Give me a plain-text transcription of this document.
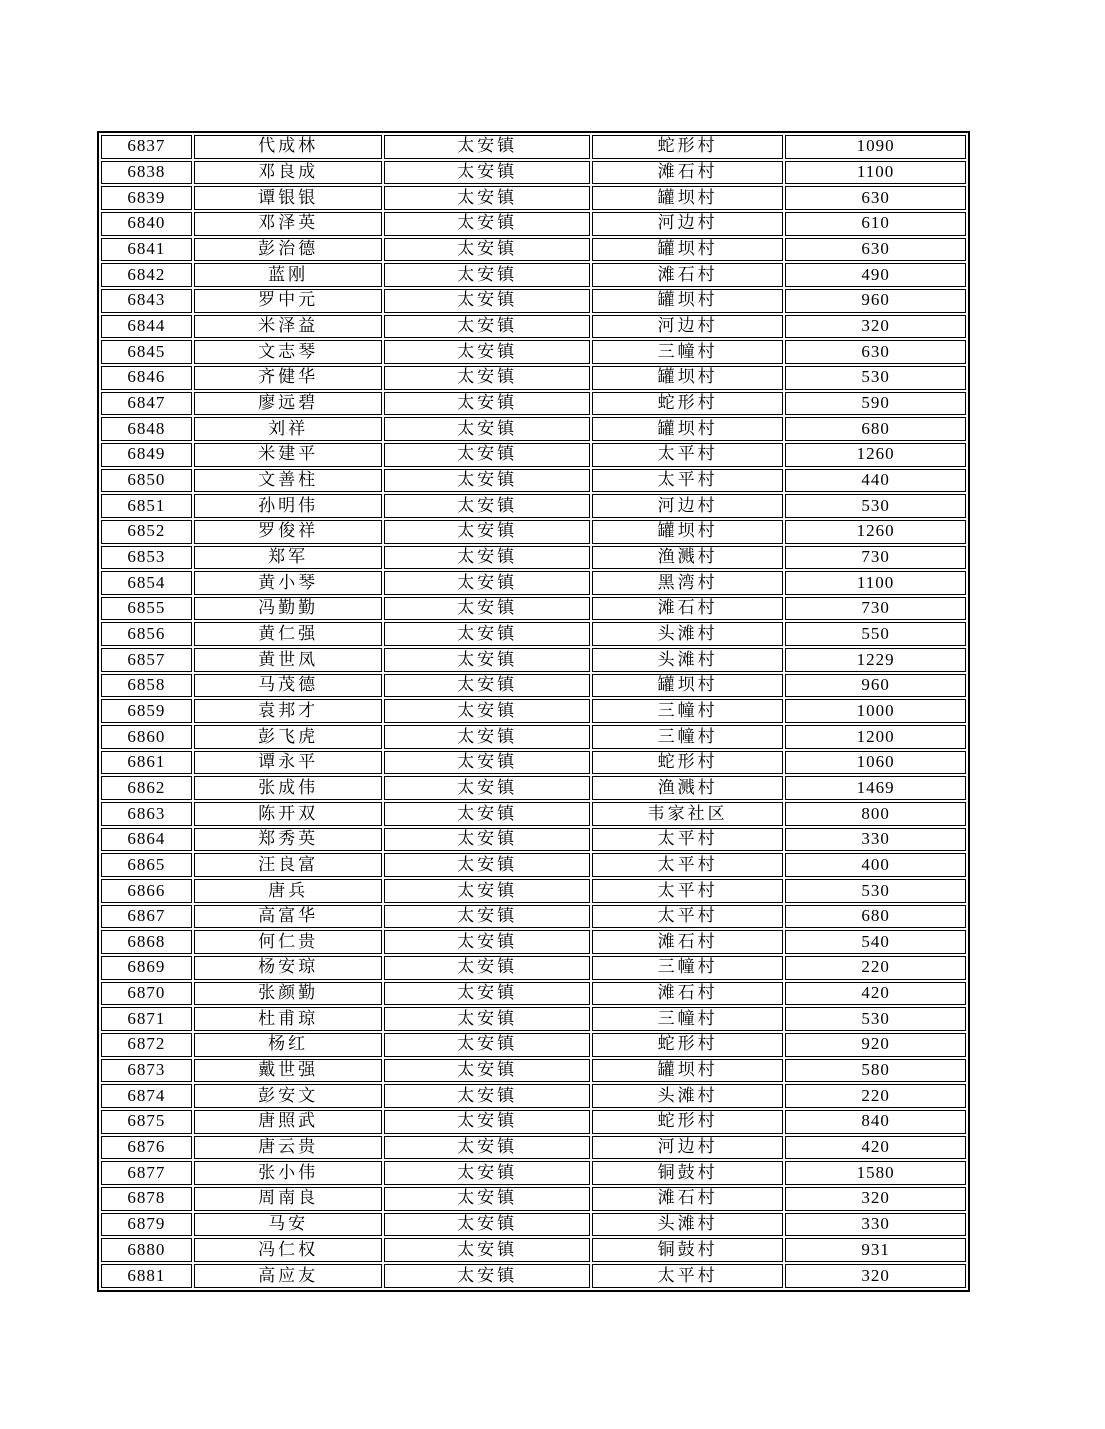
6837	代成林	太安镇	蛇形村	1090
6838	邓良成	太安镇	滩石村	1100
6839	谭银银	太安镇	罐坝村	630
6840	邓泽英	太安镇	河边村	610
6841	彭治德	太安镇	罐坝村	630
6842	蓝刚	太安镇	滩石村	490
6843	罗中元	太安镇	罐坝村	960
6844	米泽益	太安镇	河边村	320
6845	文志琴	太安镇	三幢村	630
6846	齐健华	太安镇	罐坝村	530
6847	廖远碧	太安镇	蛇形村	590
6848	刘祥	太安镇	罐坝村	680
6849	米建平	太安镇	太平村	1260
6850	文善柱	太安镇	太平村	440
6851	孙明伟	太安镇	河边村	530
6852	罗俊祥	太安镇	罐坝村	1260
6853	郑军	太安镇	渔溅村	730
6854	黄小琴	太安镇	黑湾村	1100
6855	冯勤勤	太安镇	滩石村	730
6856	黄仁强	太安镇	头滩村	550
6857	黄世凤	太安镇	头滩村	1229
6858	马茂德	太安镇	罐坝村	960
6859	袁邦才	太安镇	三幢村	1000
6860	彭飞虎	太安镇	三幢村	1200
6861	谭永平	太安镇	蛇形村	1060
6862	张成伟	太安镇	渔溅村	1469
6863	陈开双	太安镇	韦家社区	800
6864	郑秀英	太安镇	太平村	330
6865	汪良富	太安镇	太平村	400
6866	唐兵	太安镇	太平村	530
6867	高富华	太安镇	太平村	680
6868	何仁贵	太安镇	滩石村	540
6869	杨安琼	太安镇	三幢村	220
6870	张颜勤	太安镇	滩石村	420
6871	杜甫琼	太安镇	三幢村	530
6872	杨红	太安镇	蛇形村	920
6873	戴世强	太安镇	罐坝村	580
6874	彭安文	太安镇	头滩村	220
6875	唐照武	太安镇	蛇形村	840
6876	唐云贵	太安镇	河边村	420
6877	张小伟	太安镇	铜鼓村	1580
6878	周南良	太安镇	滩石村	320
6879	马安	太安镇	头滩村	330
6880	冯仁权	太安镇	铜鼓村	931
6881	高应友	太安镇	太平村	320
